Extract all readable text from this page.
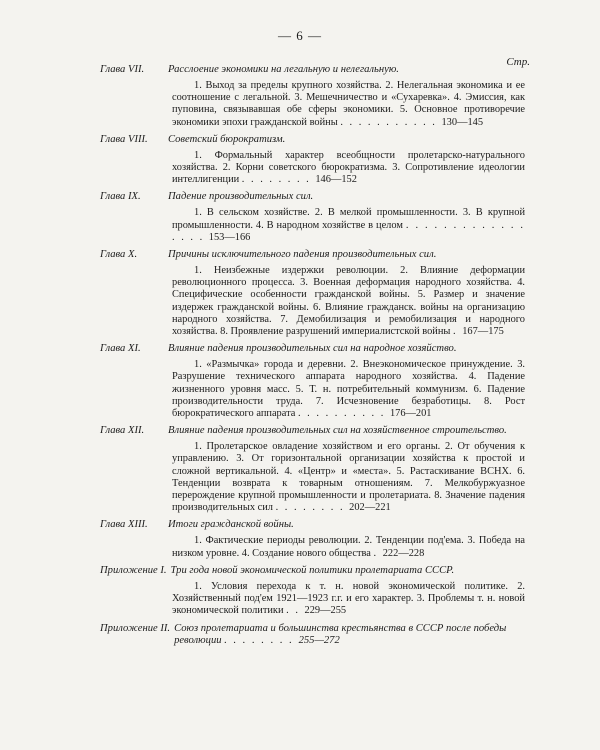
— 6 —
Стр.
Глава VII.	Расслоение экономики на легальную и нелегальную.
1. Выход за пределы крупного хозяйства. 2. Нелегальная экономика и ее соотношение с легальной. 3. Мешечничество и «Сухаревка». 4. Эмиссия, как пуповина, связывавшая обе сферы экономики. 5. Основное противоречие экономики эпохи гражданской войны . . . . . . . . . . . 130—145
Глава VIII.	Советский бюрократизм.
1. Формальный характер всеобщности пролетарско-натурального хозяйства. 2. Корни советского бюрократизма. 3. Сопротивление идеологии интеллигенции . . . . . . . . 146—152
Глава IX.	Падение производительных сил.
1. В сельском хозяйстве. 2. В мелкой промышленности. 3. В крупной промышленности. 4. В народном хозяйстве в целом . . . . . . . . . . . . . . . . . 153—166
Глава X.	Причины исключительного падения производительных сил.
1. Неизбежные издержки революции. 2. Влияние деформации революционного процесса. 3. Военная деформация народного хозяйства. 4. Специфические особенности гражданской войны. 5. Размер и значение издержек гражданской войны. 6. Влияние гражданск. войны на организацию народного хозяйства. 7. Демобилизация и ремобилизация и народного хозяйства. 8. Проявление разрушений империалистской войны . 167—175
Глава XI.	Влияние падения производительных сил на народное хозяйство.
1. «Размычка» города и деревни. 2. Внеэкономическое принуждение. 3. Разрушение технического аппарата народного хозяйства. 4. Падение жизненного уровня масс. 5. Т. н. потребительный коммунизм. 6. Падение производительности труда. 7. Исчезновение безработицы. 8. Рост бюрократического аппарата . . . . . . . . . . 176—201
Глава XII.	Влияние падения производительных сил на хозяйственное строительство.
1. Пролетарское овладение хозяйством и его органы. 2. От обучения к управлению. 3. От горизонтальной организации хозяйства к простой и сложной вертикальной. 4. «Центр» и «места». 5. Растаскивание ВСНХ. 6. Тенденции возврата к товарным отношениям. 7. Мелкобуржуазное перерождение крупной промышленности и пролетариата. 8. Значение падения производительных сил . . . . . . . . 202—221
Глава XIII.	Итоги гражданской войны.
1. Фактические периоды революции. 2. Тенденции под'ема. 3. Победа на низком уровне. 4. Создание нового общества . 222—228
Приложение I. Три года новой экономической политики пролетариата СССР.
1. Условия перехода к т. н. новой экономической политике. 2. Хозяйственный под'ем 1921—1923 г.г. и его характер. 3. Проблемы т. н. новой экономической политики . . 229—255
Приложение II. Союз пролетариата и большинства крестьянства в СССР после победы революции . . . . . . . . 255—272
